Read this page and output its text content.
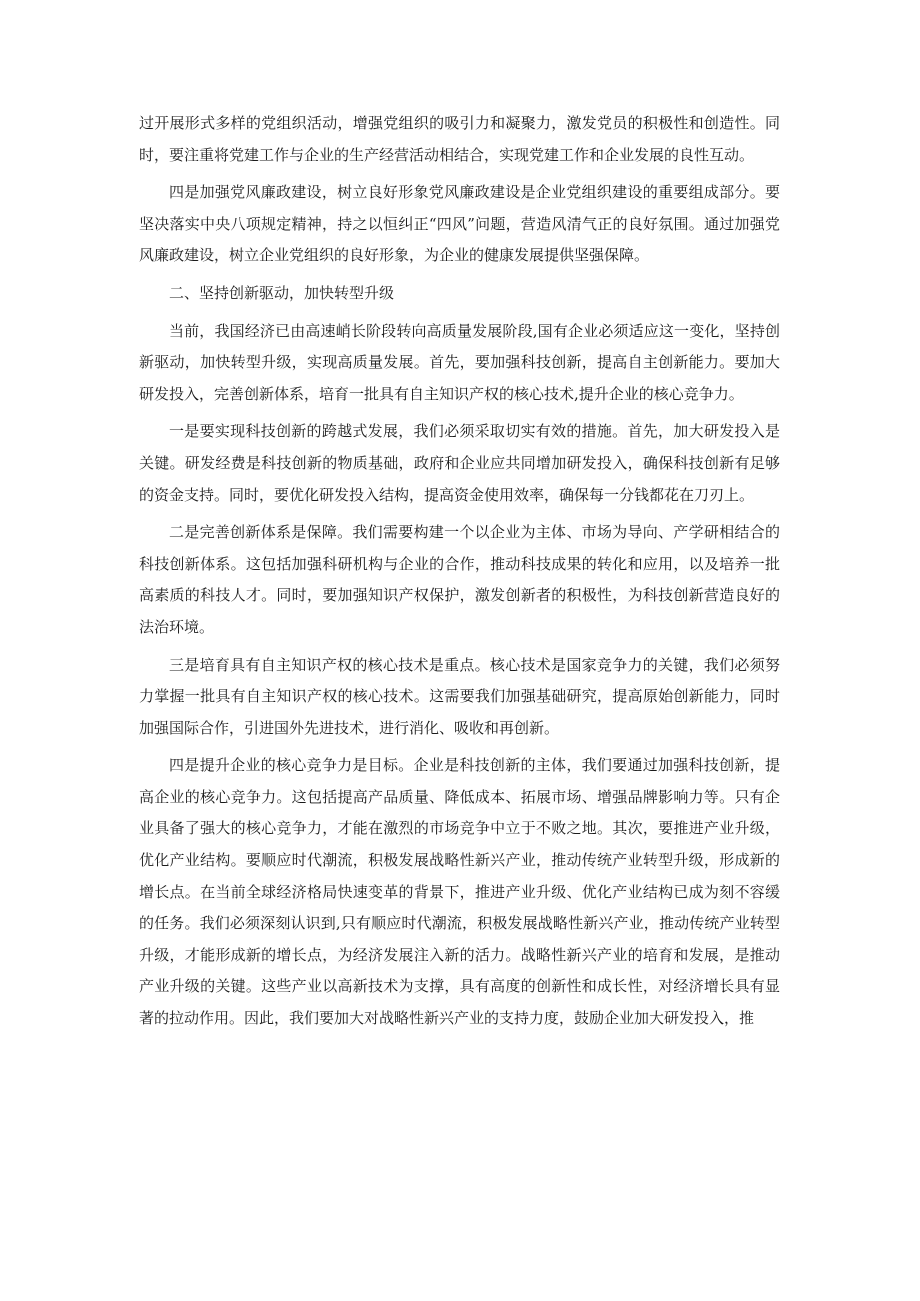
过开展形式多样的党组织活动，增强党组织的吸引力和凝聚力，激发党员的积极性和创造性。同时，要注重将党建工作与企业的生产经营活动相结合，实现党建工作和企业发展的良性互动。

四是加强党风廉政建设，树立良好形象党风廉政建设是企业党组织建设的重要组成部分。要坚决落实中央八项规定精神，持之以恒纠正“四风”问题，营造风清气正的良好氛围。通过加强党风廉政建设，树立企业党组织的良好形象，为企业的健康发展提供坚强保障。

二、坚持创新驱动，加快转型升级

当前，我国经济已由高速峭长阶段转向高质量发展阶段,国有企业必须适应这一变化，坚持创新驱动，加快转型升级，实现高质量发展。首先，要加强科技创新，提高自主创新能力。要加大研发投入，完善创新体系，培育一批具有自主知识产权的核心技术,提升企业的核心竞争力。

一是要实现科技创新的跨越式发展，我们必须采取切实有效的措施。首先，加大研发投入是关键。研发经费是科技创新的物质基础，政府和企业应共同增加研发投入，确保科技创新有足够的资金支持。同时，要优化研发投入结构，提高资金使用效率，确保每一分钱都花在刀刃上。

二是完善创新体系是保障。我们需要构建一个以企业为主体、市场为导向、产学研相结合的科技创新体系。这包括加强科研机构与企业的合作，推动科技成果的转化和应用，以及培养一批高素质的科技人才。同时，要加强知识产权保护，激发创新者的积极性，为科技创新营造良好的法治环境。

三是培育具有自主知识产权的核心技术是重点。核心技术是国家竞争力的关键，我们必须努力掌握一批具有自主知识产权的核心技术。这需要我们加强基础研究，提高原始创新能力，同时加强国际合作，引进国外先进技术，进行消化、吸收和再创新。

四是提升企业的核心竞争力是目标。企业是科技创新的主体，我们要通过加强科技创新，提高企业的核心竞争力。这包括提高产品质量、降低成本、拓展市场、增强品牌影响力等。只有企业具备了强大的核心竞争力，才能在激烈的市场竞争中立于不败之地。其次，要推进产业升级，优化产业结构。要顺应时代潮流，积极发展战略性新兴产业，推动传统产业转型升级，形成新的增长点。在当前全球经济格局快速变革的背景下，推进产业升级、优化产业结构已成为刻不容缓的任务。我们必须深刻认识到,只有顺应时代潮流，积极发展战略性新兴产业，推动传统产业转型升级，才能形成新的增长点，为经济发展注入新的活力。战略性新兴产业的培育和发展，是推动产业升级的关键。这些产业以高新技术为支撑，具有高度的创新性和成长性，对经济增长具有显著的拉动作用。因此，我们要加大对战略性新兴产业的支持力度，鼓励企业加大研发投入，推
